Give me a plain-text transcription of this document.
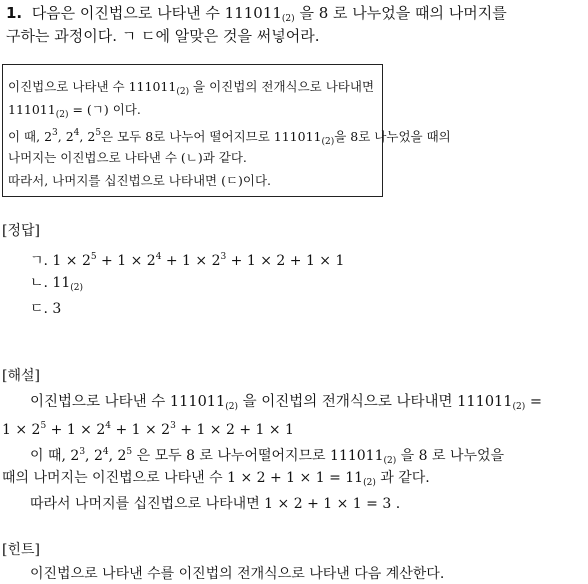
1. 다음은 이진법으로 나타낸 수 $111011_{(2)}$ 을 8 로 나누었을 때의 나머지를
구하는 과정이다. ㄱ ㄷ에 알맞은 것을 써넣어라.
이진법으로 나타낸 수 $111011_{(2)}$ 을 이진법의 전개식으로 나타내면
$111011_{(2)}$ = (ㄱ) 이다.
이 때, $2^3$, $2^4$, $2^5$은 모두 8로 나누어 떨어지므로 $111011_{(2)}$을 8로 나누었을 때의
나머지는 이진법으로 나타낸 수 (ㄴ)과 같다.
따라서, 나머지를 십진법으로 나타내면 (ㄷ)이다.
[정답]
ㄱ. $1 \times 2^5 + 1 \times 2^4 + 1 \times 2^3 + 1 \times 2 + 1 \times 1$
ㄴ. $11_{(2)}$
ㄷ. 3
[해설]
이진법으로 나타낸 수 $111011_{(2)}$ 을 이진법의 전개식으로 나타내면 $111011_{(2)}$ =
$1 \times 2^5 + 1 \times 2^4 + 1 \times 2^3 + 1 \times 2 + 1 \times 1$
이 때, $2^3$, $2^4$, $2^5$ 은 모두 8 로 나누어떨어지므로 $111011_{(2)}$ 을 8 로 나누었을
때의 나머지는 이진법으로 나타낸 수 $1 \times 2 + 1 \times 1 = 11_{(2)}$ 과 같다.
따라서 나머지를 십진법으로 나타내면 1 × 2 + 1 × 1 = 3 .
[힌트]
이진법으로 나타낸 수를 이진법의 전개식으로 나타낸 다음 계산한다.
